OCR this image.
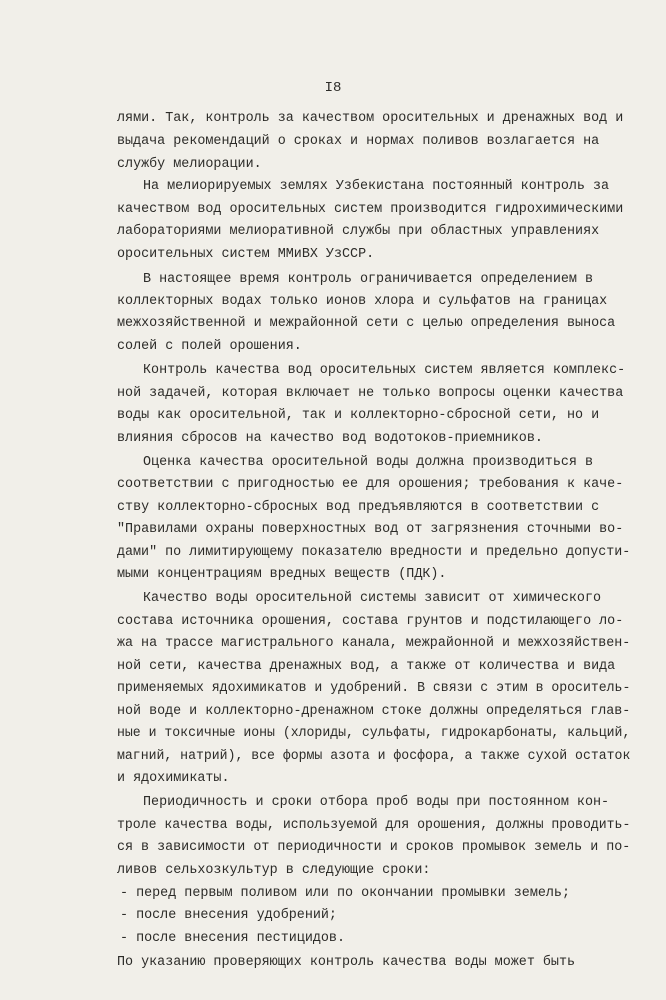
I8
лями. Так, контроль за качеством оросительных и дренажных вод и
выдача рекомендаций о сроках и нормах поливов возлагается на
службу мелиорации.
На мелиорируемых землях Узбекистана постоянный контроль за
качеством вод оросительных систем производится гидрохимическими
лабораториями мелиоративной службы при областных управлениях
оросительных систем ММиВХ УзССР.
В настоящее время контроль ограничивается определением в
коллекторных водах только ионов хлора и сульфатов на границах
межхозяйственной и межрайонной сети с целью определения выноса
солей с полей орошения.
Контроль качества вод оросительных систем является комплекс-
ной задачей, которая включает не только вопросы оценки качества
воды как оросительной, так и коллекторно-сбросной сети, но и
влияния сбросов на качество вод водотоков-приемников.
Оценка качества оросительной воды должна производиться в
соответствии с пригодностью ее для орошения; требования к каче-
ству коллекторно-сбросных вод предъявляются в соответствии с
"Правилами охраны поверхностных вод от загрязнения сточными во-
дами" по лимитирующему показателю вредности и предельно допусти-
мыми концентрациям вредных веществ (ПДК).
Качество воды оросительной системы зависит от химического
состава источника орошения, состава грунтов и подстилающего ло-
жа на трассе магистрального канала, межрайонной и межхозяйствен-
ной сети, качества дренажных вод, а также от количества и вида
применяемых ядохимикатов и удобрений. В связи с этим в ороситель-
ной воде и коллекторно-дренажном стоке должны определяться глав-
ные и токсичные ионы (хлориды, сульфаты, гидрокарбонаты, кальций,
магний, натрий), все формы азота и фосфора, а также сухой остаток
и ядохимикаты.
Периодичность и сроки отбора проб воды при постоянном кон-
троле качества воды, используемой для орошения, должны проводить-
ся в зависимости от периодичности и сроков промывок земель и по-
ливов сельхозкультур в следующие сроки:
- перед первым поливом или по окончании промывки земель;
- после внесения удобрений;
- после внесения пестицидов.
По указанию проверяющих контроль качества воды может быть
